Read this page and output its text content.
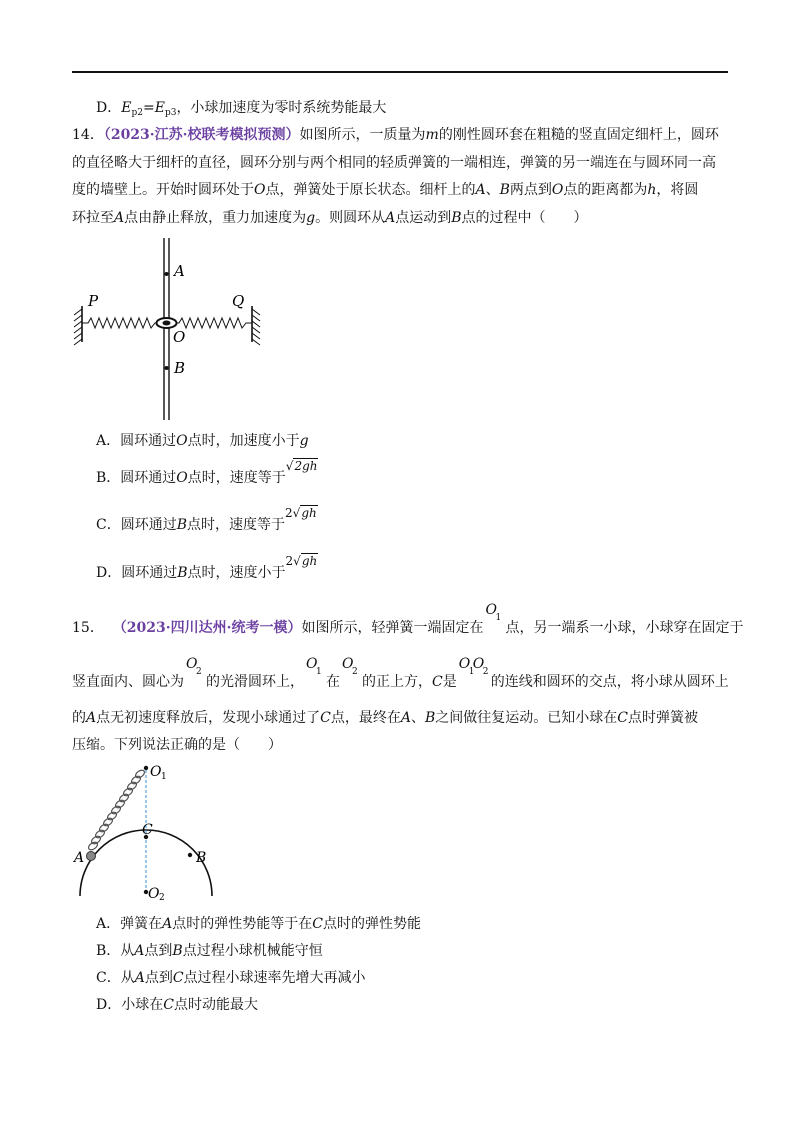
D．$E_{p2}=E_{p3}$，小球加速度为零时系统势能最大
14．（2023·江苏·校联考模拟预测）如图所示，一质量为m的刚性圆环套在粗糙的竖直固定细杆上，圆环
的直径略大于细杆的直径，圆环分别与两个相同的轻质弹簧的一端相连，弹簧的另一端连在与圆环同一高
度的墙壁上。开始时圆环处于O点，弹簧处于原长状态。细杆上的A、B两点到O点的距离都为h，将圆
环拉至A点由静止释放，重力加速度为g。则圆环从A点运动到B点的过程中（　　）
P	Q
A
O
B
A．圆环通过O点时，加速度小于g
B．圆环通过O点时，速度等于√2gh
C．圆环通过B点时，速度等于2√gh
D．圆环通过B点时，速度小于2√gh
15． （2023·四川达州·统考一模）如图所示，轻弹簧一端固定在
O
1
点，另一端系一小球，小球穿在固定于
竖直面内、圆心为
O
2
的光滑圆环上，
O
1
在
O
2
的正上方，C是
O
1
O
2
的连线和圆环的交点，将小球从圆环上
的A点无初速度释放后，发现小球通过了C点，最终在A、B之间做往复运动。已知小球在C点时弹簧被
压缩。下列说法正确的是（　　）
O 1
C
A	B
O 2
A．弹簧在A点时的弹性势能等于在C点时的弹性势能
B．从A点到B点过程小球机械能守恒
C．从A点到C点过程小球速率先增大再减小
D．小球在C点时动能最大
